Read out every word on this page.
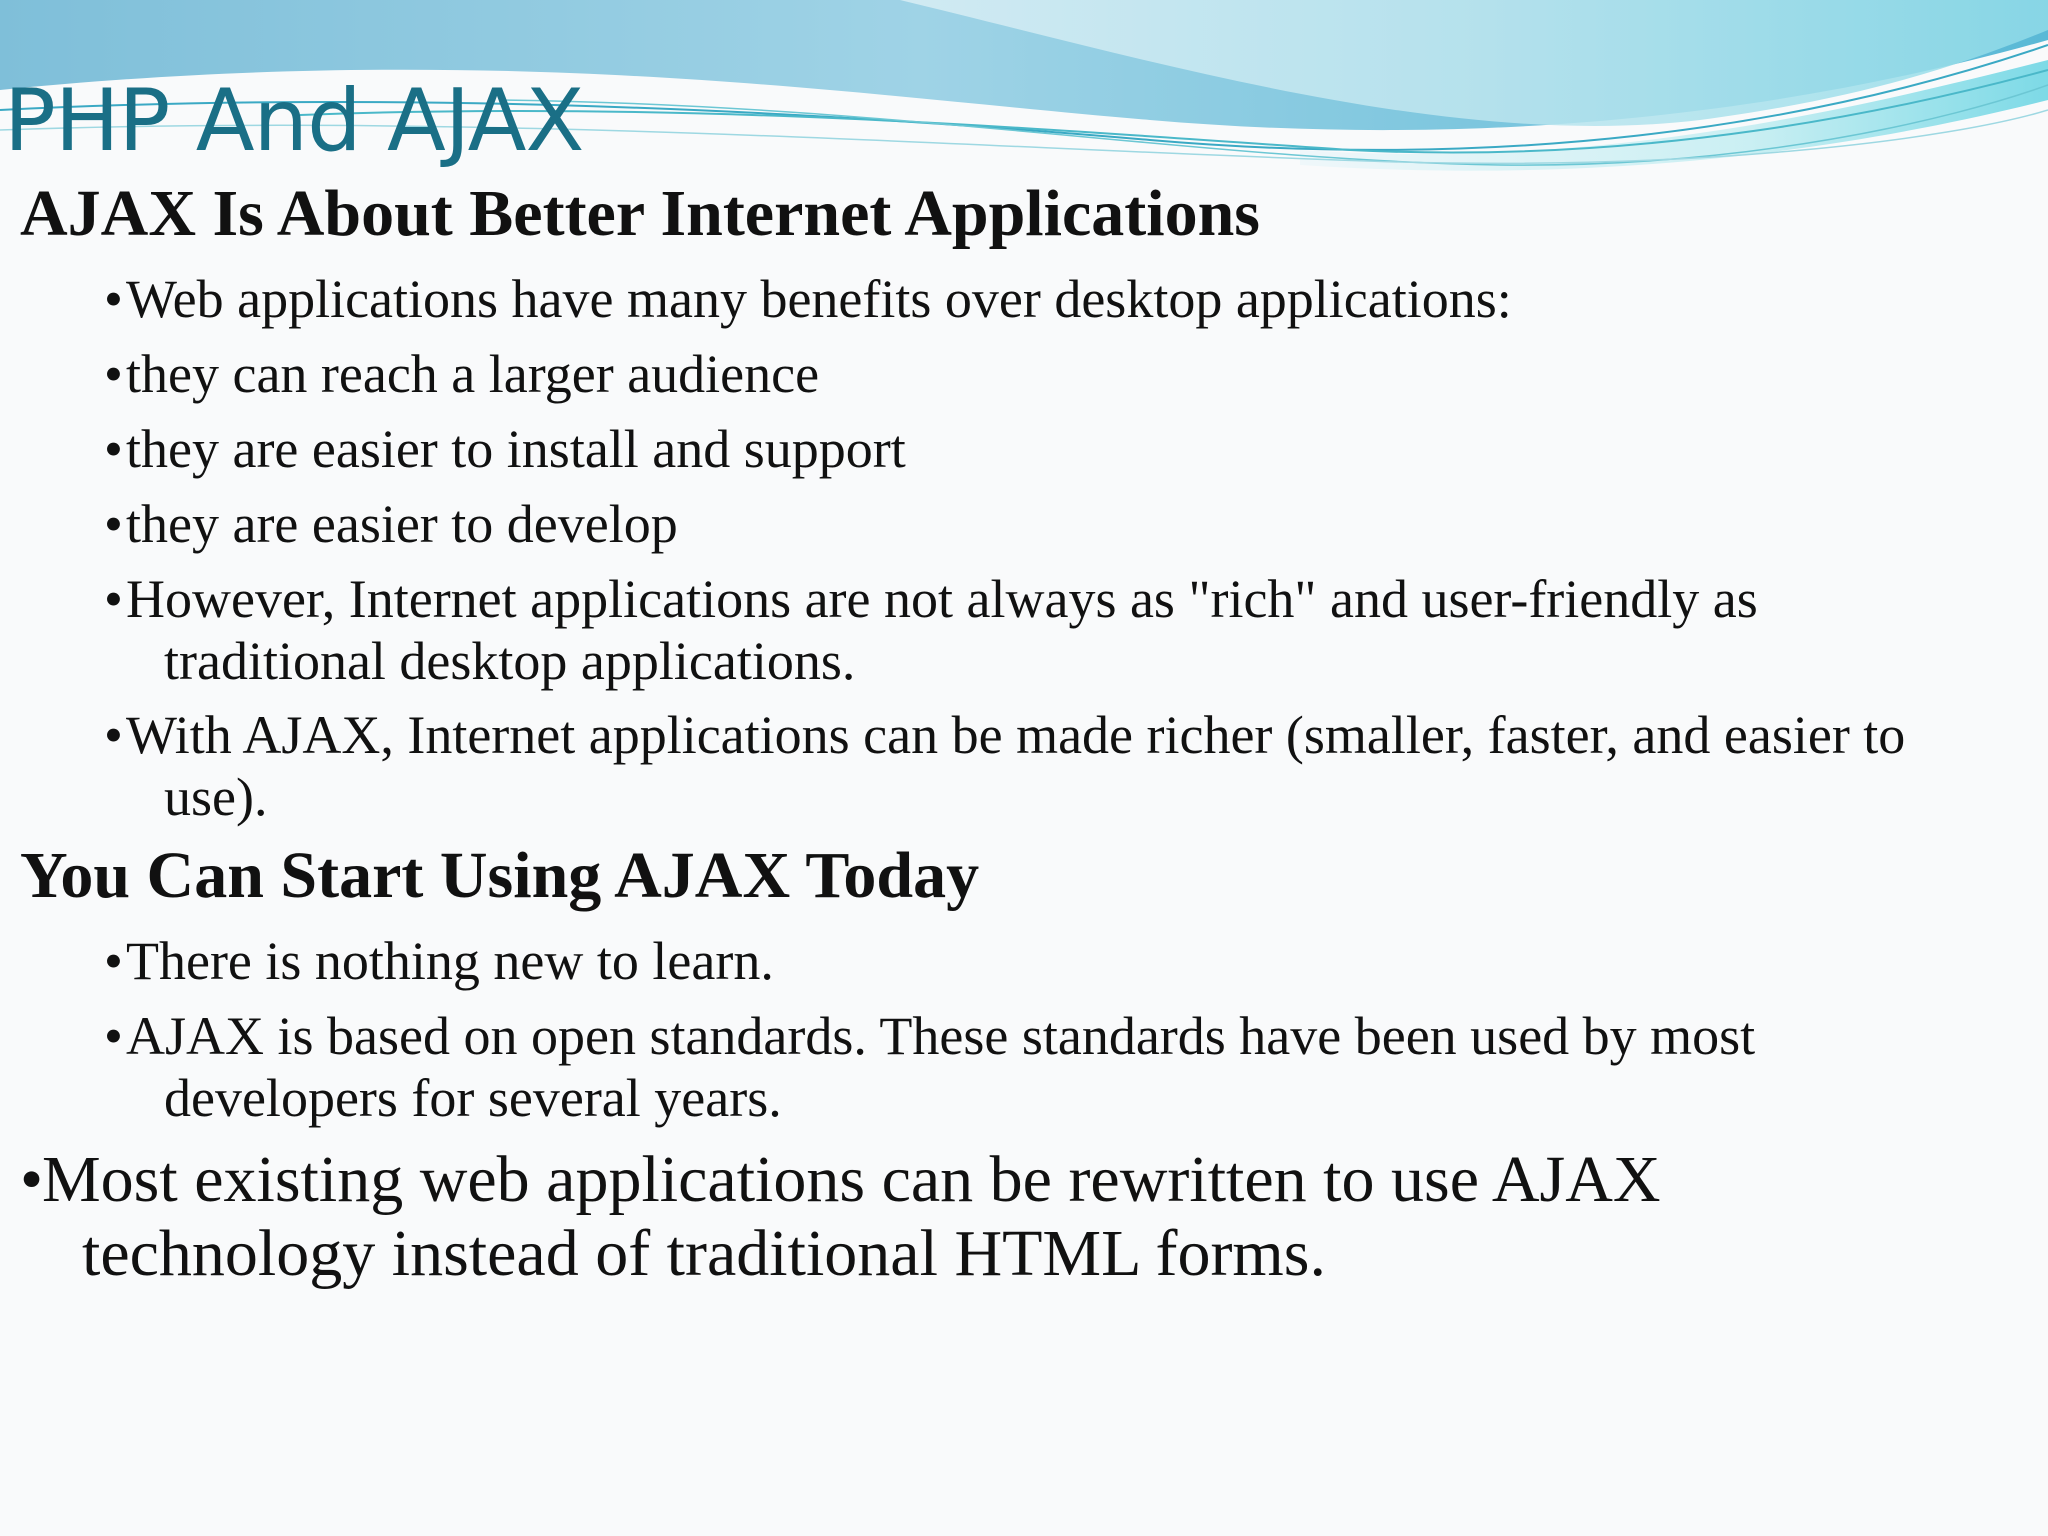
PHP And AJAX
AJAX Is About Better Internet Applications

•Web applications have many benefits over desktop applications:

•they can reach a larger audience

•they are easier to install and support

•they are easier to develop

•However, Internet applications are not always as "rich" and user-friendly as traditional desktop applications.

•With AJAX, Internet applications can be made richer (smaller, faster, and easier to use).

You Can Start Using AJAX Today

•There is nothing new to learn.

•AJAX is based on open standards. These standards have been used by most developers for several years.

•Most existing web applications can be rewritten to use AJAX technology instead of traditional HTML forms.
